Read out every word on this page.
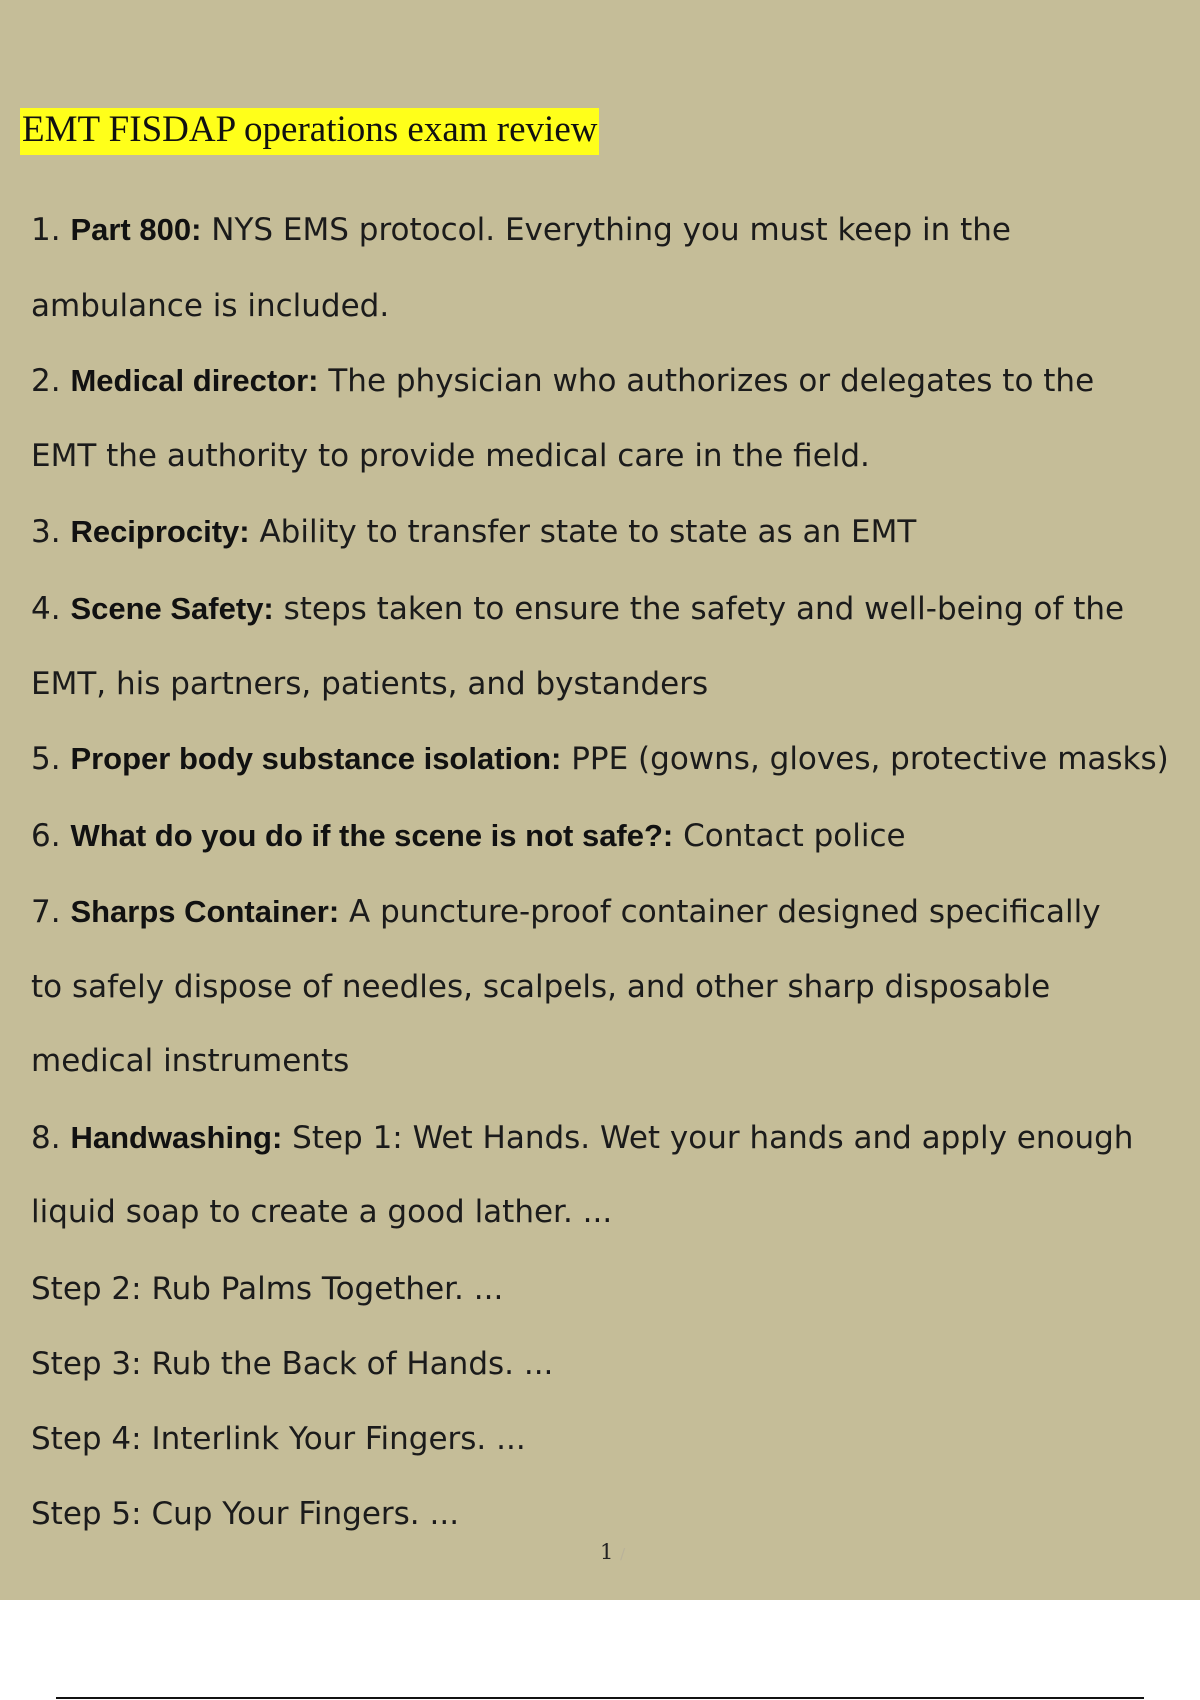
EMT FISDAP operations exam review
1. Part 800: NYS EMS protocol. Everything you must keep in the
ambulance is included.
2. Medical director: The physician who authorizes or delegates to the
EMT the authority to provide medical care in the field.
3. Reciprocity: Ability to transfer state to state as an EMT
4. Scene Safety: steps taken to ensure the safety and well-being of the
EMT, his partners, patients, and bystanders
5. Proper body substance isolation: PPE (gowns, gloves, protective masks)
6. What do you do if the scene is not safe?: Contact police
7. Sharps Container: A puncture-proof container designed specifically
to safely dispose of needles, scalpels, and other sharp disposable
medical instruments
8. Handwashing: Step 1: Wet Hands. Wet your hands and apply enough
liquid soap to create a good lather. ...
Step 2: Rub Palms Together. ...
Step 3: Rub the Back of Hands. ...
Step 4: Interlink Your Fingers. ...
Step 5: Cup Your Fingers. ...
1 /
